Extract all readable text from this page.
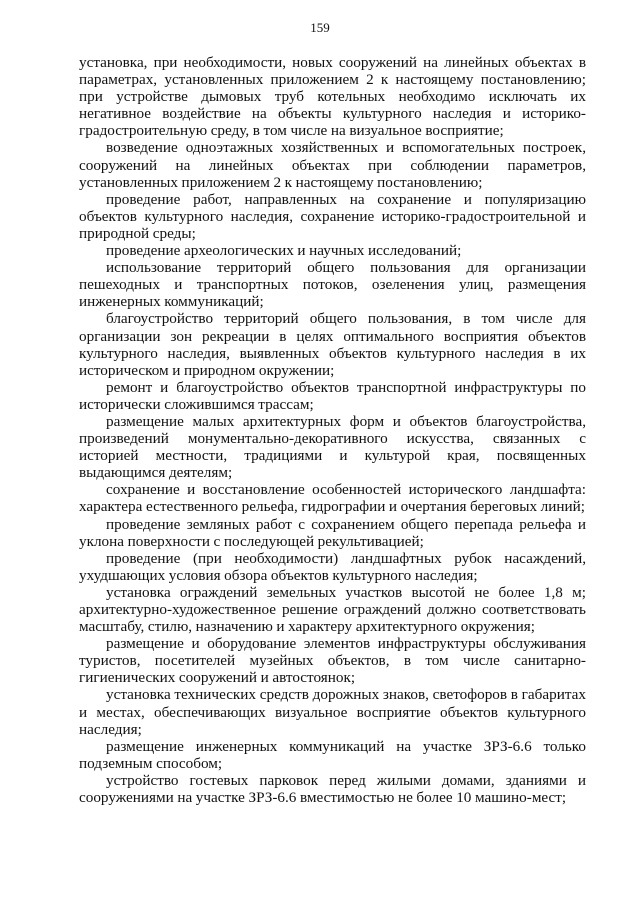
159

установка, при необходимости, новых сооружений на линейных объектах в параметрах, установленных приложением 2 к настоящему постановлению; при устройстве дымовых труб котельных необходимо исключать их негативное воздействие на объекты культурного наследия и историко-градостроительную среду, в том числе на визуальное восприятие;

возведение одноэтажных хозяйственных и вспомогательных построек, сооружений на линейных объектах при соблюдении параметров, установленных приложением 2 к настоящему постановлению;

проведение работ, направленных на сохранение и популяризацию объектов культурного наследия, сохранение историко-градостроительной и природной среды;

проведение археологических и научных исследований;

использование территорий общего пользования для организации пешеходных и транспортных потоков, озеленения улиц, размещения инженерных коммуникаций;

благоустройство территорий общего пользования, в том числе для организации зон рекреации в целях оптимального восприятия объектов культурного наследия, выявленных объектов культурного наследия в их историческом и природном окружении;

ремонт и благоустройство объектов транспортной инфраструктуры по исторически сложившимся трассам;

размещение малых архитектурных форм и объектов благоустройства, произведений монументально-декоративного искусства, связанных с историей местности, традициями и культурой края, посвященных выдающимся деятелям;

сохранение и восстановление особенностей исторического ландшафта: характера естественного рельефа, гидрографии и очертания береговых линий;

проведение земляных работ с сохранением общего перепада рельефа и уклона поверхности с последующей рекультивацией;

проведение (при необходимости) ландшафтных рубок насаждений, ухудшающих условия обзора объектов культурного наследия;

установка ограждений земельных участков высотой не более 1,8 м; архитектурно-художественное решение ограждений должно соответствовать масштабу, стилю, назначению и характеру архитектурного окружения;

размещение и оборудование элементов инфраструктуры обслуживания туристов, посетителей музейных объектов, в том числе санитарно-гигиенических сооружений и автостоянок;

установка технических средств дорожных знаков, светофоров в габаритах и местах, обеспечивающих визуальное восприятие объектов культурного наследия;

размещение инженерных коммуникаций на участке ЗРЗ-6.6 только подземным способом;

устройство гостевых парковок перед жилыми домами, зданиями и сооружениями на участке ЗРЗ-6.6 вместимостью не более 10 машино-мест;
